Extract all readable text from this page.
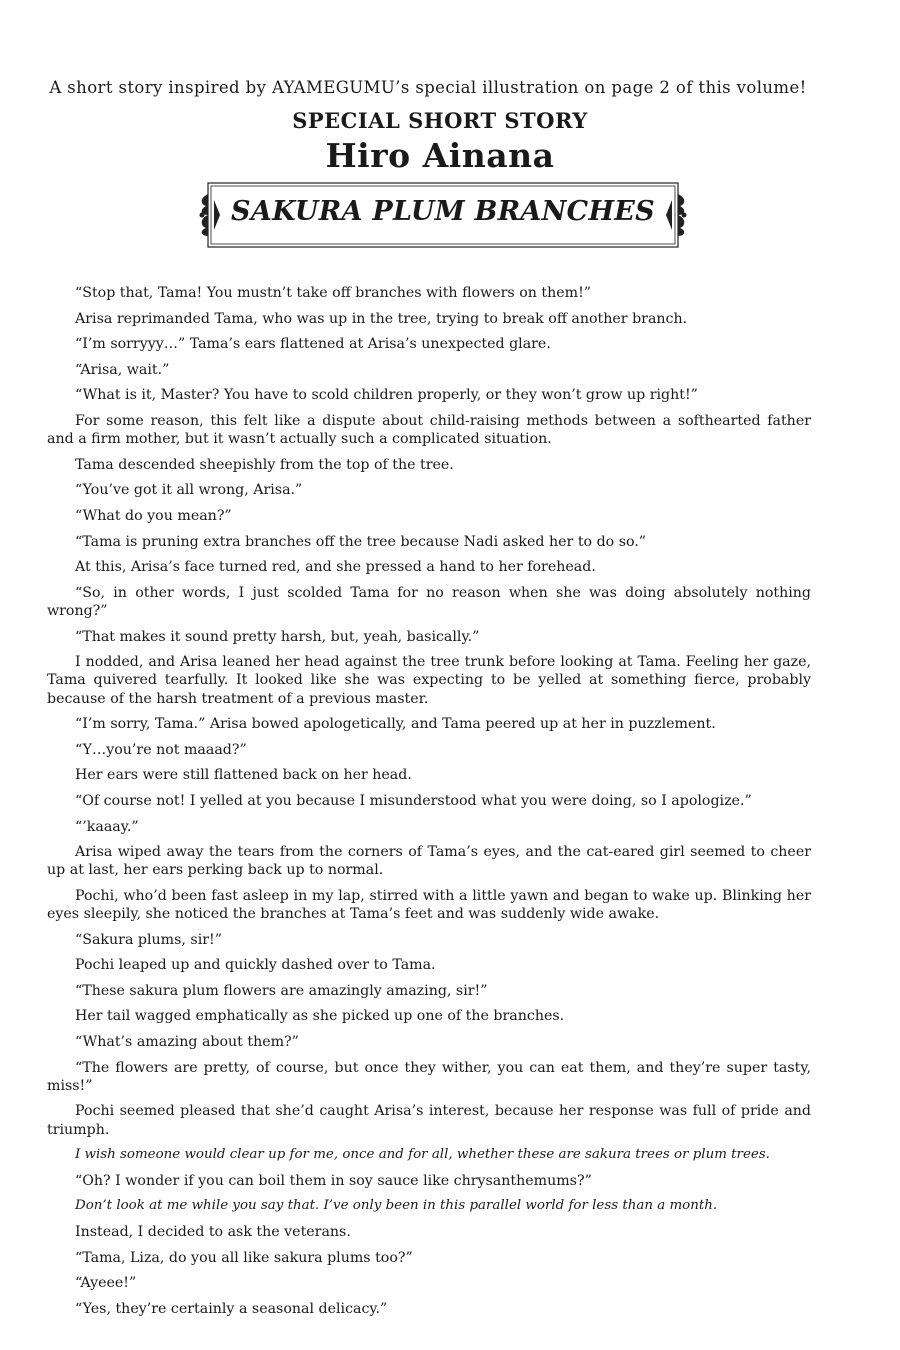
A short story inspired by AYAMEGUMU’s special illustration on page 2 of this volume!
SPECIAL SHORT STORY
Hiro Ainana
SAKURA PLUM BRANCHES

“Stop that, Tama! You mustn’t take off branches with flowers on them!”

Arisa reprimanded Tama, who was up in the tree, trying to break off another branch.

“I’m sorryyy…” Tama’s ears flattened at Arisa’s unexpected glare.

“Arisa, wait.”

“What is it, Master? You have to scold children properly, or they won’t grow up right!”

For some reason, this felt like a dispute about child-raising methods between a softhearted father and a firm mother, but it wasn’t actually such a complicated situation.

Tama descended sheepishly from the top of the tree.

“You’ve got it all wrong, Arisa.”

“What do you mean?”

“Tama is pruning extra branches off the tree because Nadi asked her to do so.”

At this, Arisa’s face turned red, and she pressed a hand to her forehead.

“So, in other words, I just scolded Tama for no reason when she was doing absolutely nothing wrong?”

“That makes it sound pretty harsh, but, yeah, basically.”

I nodded, and Arisa leaned her head against the tree trunk before looking at Tama. Feeling her gaze, Tama quivered tearfully. It looked like she was expecting to be yelled at something fierce, probably because of the harsh treatment of a previous master.

“I’m sorry, Tama.” Arisa bowed apologetically, and Tama peered up at her in puzzlement.

“Y…you’re not maaad?”

Her ears were still flattened back on her head.

“Of course not! I yelled at you because I misunderstood what you were doing, so I apologize.”

“’kaaay.”

Arisa wiped away the tears from the corners of Tama’s eyes, and the cat-eared girl seemed to cheer up at last, her ears perking back up to normal.

Pochi, who’d been fast asleep in my lap, stirred with a little yawn and began to wake up. Blinking her eyes sleepily, she noticed the branches at Tama’s feet and was suddenly wide awake.

“Sakura plums, sir!”

Pochi leaped up and quickly dashed over to Tama.

“These sakura plum flowers are amazingly amazing, sir!”

Her tail wagged emphatically as she picked up one of the branches.

“What’s amazing about them?”

“The flowers are pretty, of course, but once they wither, you can eat them, and they’re super tasty, miss!”

Pochi seemed pleased that she’d caught Arisa’s interest, because her response was full of pride and triumph.

I wish someone would clear up for me, once and for all, whether these are sakura trees or plum trees.

“Oh? I wonder if you can boil them in soy sauce like chrysanthemums?”

Don’t look at me while you say that. I’ve only been in this parallel world for less than a month.

Instead, I decided to ask the veterans.

“Tama, Liza, do you all like sakura plums too?”

“Ayeee!”

“Yes, they’re certainly a seasonal delicacy.”
